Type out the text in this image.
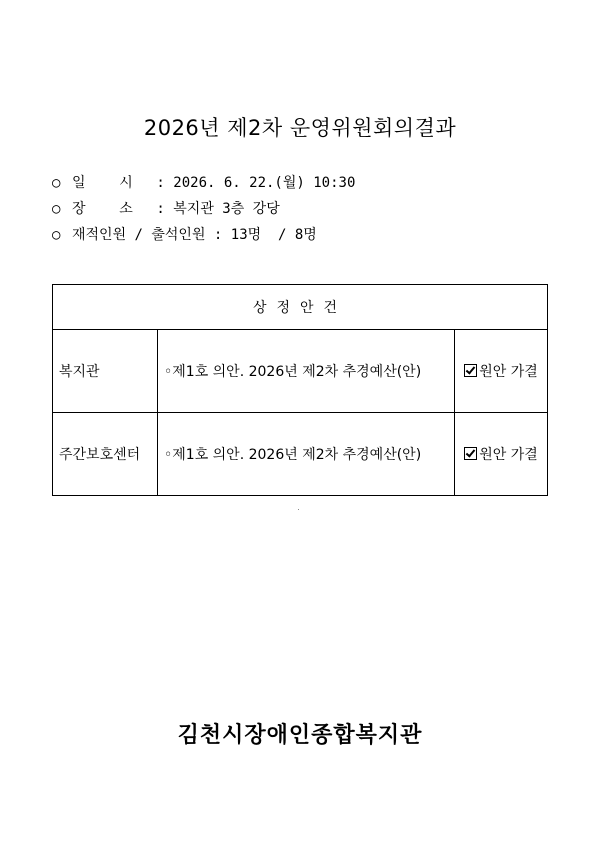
2026년 제2차 운영위원회의결과
○ 일    시 : 2026. 6. 22.(월) 10:30
○ 장    소 : 복지관 3층 강당
○ 재적인원 / 출석인원 : 13명  / 8명
상정안건		
복지관	◦제1호 의안. 2026년 제2차 추경예산(안)	원안 가결
주간보호센터	◦제1호 의안. 2026년 제2차 추경예산(안)	원안 가결
김천시장애인종합복지관
